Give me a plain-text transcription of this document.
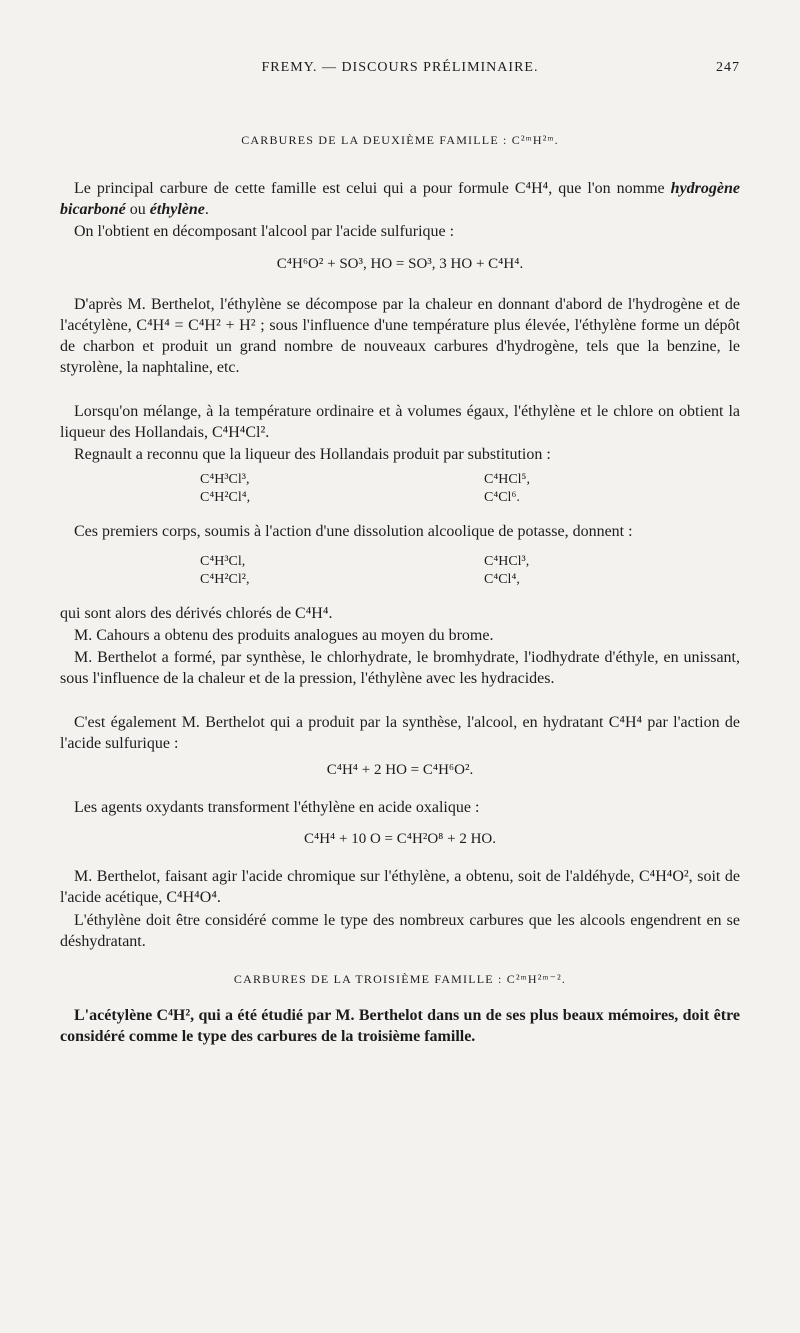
FREMY. — DISCOURS PRÉLIMINAIRE.	247
CARBURES DE LA DEUXIÈME FAMILLE : C²ᵐH²ᵐ.
Le principal carbure de cette famille est celui qui a pour formule C⁴H⁴, que l'on nomme hydrogène bicarboné ou éthylène.
On l'obtient en décomposant l'alcool par l'acide sulfurique :
C⁴H⁶O² + SO³, HO = SO³, 3 HO + C⁴H⁴.
D'après M. Berthelot, l'éthylène se décompose par la chaleur en donnant d'abord de l'hydrogène et de l'acétylène, C⁴H⁴ = C⁴H² + H² ; sous l'influence d'une température plus élevée, l'éthylène forme un dépôt de charbon et produit un grand nombre de nouveaux carbures d'hydrogène, tels que la benzine, le styrolène, la naphtaline, etc.
Lorsqu'on mélange, à la température ordinaire et à volumes égaux, l'éthylène et le chlore on obtient la liqueur des Hollandais, C⁴H⁴Cl².
Regnault a reconnu que la liqueur des Hollandais produit par substitution :
C⁴H³Cl³,
C⁴H²Cl⁴,
C⁴HCl⁵,
C⁴Cl⁶.
Ces premiers corps, soumis à l'action d'une dissolution alcoolique de potasse, donnent :
C⁴H³Cl,
C⁴H²Cl²,
C⁴HCl³,
C⁴Cl⁴,
qui sont alors des dérivés chlorés de C⁴H⁴.
M. Cahours a obtenu des produits analogues au moyen du brome.
M. Berthelot a formé, par synthèse, le chlorhydrate, le bromhydrate, l'iodhydrate d'éthyle, en unissant, sous l'influence de la chaleur et de la pression, l'éthylène avec les hydracides.
C'est également M. Berthelot qui a produit par la synthèse, l'alcool, en hydratant C⁴H⁴ par l'action de l'acide sulfurique :
C⁴H⁴ + 2 HO = C⁴H⁶O².
Les agents oxydants transforment l'éthylène en acide oxalique :
C⁴H⁴ + 10 O = C⁴H²O⁸ + 2 HO.
M. Berthelot, faisant agir l'acide chromique sur l'éthylène, a obtenu, soit de l'aldéhyde, C⁴H⁴O², soit de l'acide acétique, C⁴H⁴O⁴.
L'éthylène doit être considéré comme le type des nombreux carbures que les alcools engendrent en se déshydratant.
CARBURES DE LA TROISIÈME FAMILLE : C²ᵐH²ᵐ⁻².
L'acétylène C⁴H², qui a été étudié par M. Berthelot dans un de ses plus beaux mémoires, doit être considéré comme le type des carbures de la troisième famille.
